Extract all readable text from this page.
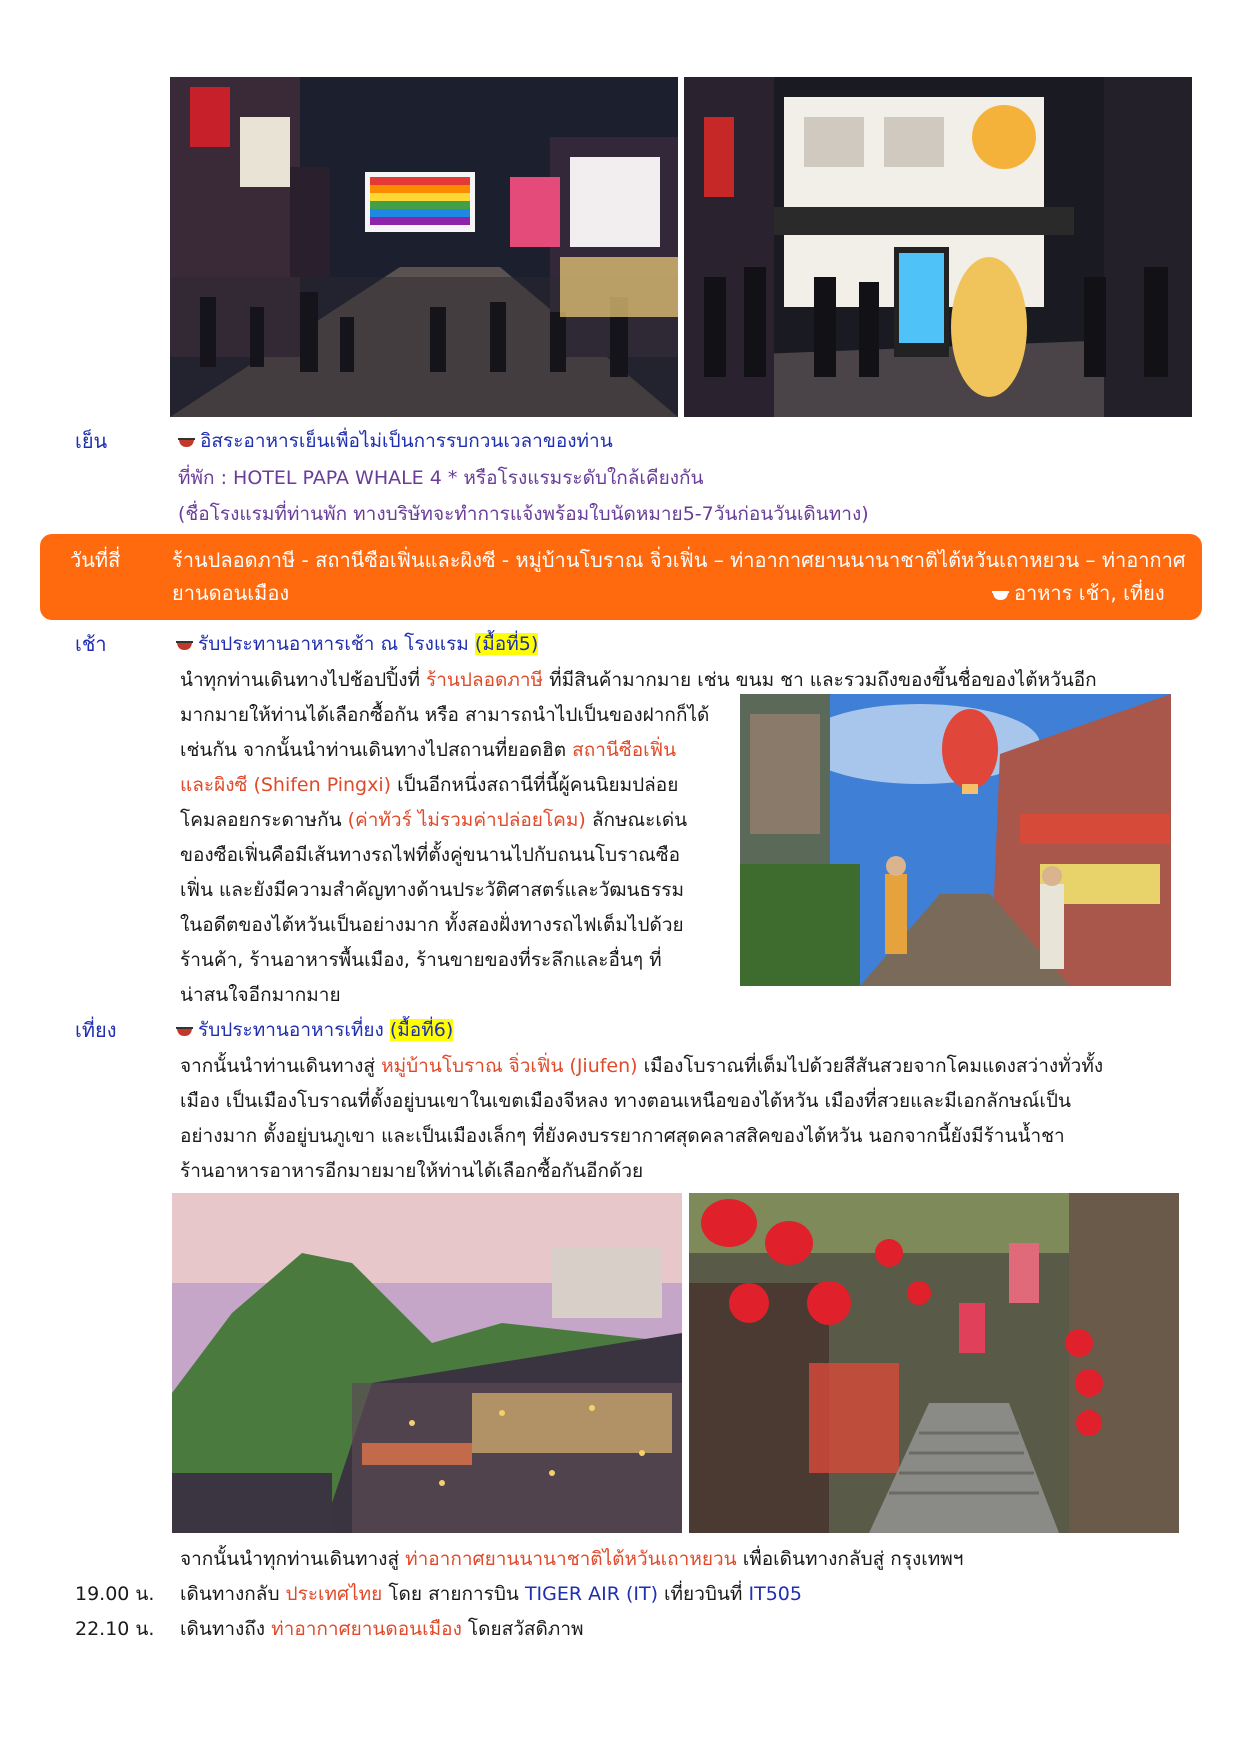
เย็น	อิสระอาหารเย็นเพื่อไม่เป็นการรบกวนเวลาของท่าน
ที่พัก : HOTEL PAPA WHALE 4 * หรือโรงแรมระดับใกล้เคียงกัน
(ชื่อโรงแรมที่ท่านพัก ทางบริษัทจะทำการแจ้งพร้อมใบนัดหมาย5-7วันก่อนวันเดินทาง)
วันที่สี่	ร้านปลอดภาษี - สถานีซือเฟิ่นและผิงซี - หมู่บ้านโบราณ จิ่วเฟิ่น – ท่าอากาศยานนานาชาติไต้หวันเถาหยวน – ท่าอากาศ
ยานดอนเมือง	อาหาร เช้า, เที่ยง
เช้า	รับประทานอาหารเช้า ณ โรงแรม (มื้อที่5)
นำทุกท่านเดินทางไปช้อปปิ้งที่ ร้านปลอดภาษี ที่มีสินค้ามากมาย เช่น ขนม ชา และรวมถึงของขึ้นชื่อของไต้หวันอีก
มากมายให้ท่านได้เลือกซื้อกัน หรือ สามารถนำไปเป็นของฝากก็ได้
เช่นกัน จากนั้นนำท่านเดินทางไปสถานที่ยอดฮิต สถานีซือเฟิ่น
และผิงซี (Shifen Pingxi) เป็นอีกหนึ่งสถานีที่นี้ผู้คนนิยมปล่อย
โคมลอยกระดาษกัน (ค่าทัวร์ ไม่รวมค่าปล่อยโคม) ลักษณะเด่น
ของซือเฟิ่นคือมีเส้นทางรถไฟที่ตั้งคู่ขนานไปกับถนนโบราณซือ
เฟิ่น และยังมีความสำคัญทางด้านประวัติศาสตร์และวัฒนธรรม
ในอดีตของไต้หวันเป็นอย่างมาก ทั้งสองฝั่งทางรถไฟเต็มไปด้วย
ร้านค้า, ร้านอาหารพื้นเมือง, ร้านขายของที่ระลึกและอื่นๆ ที่
น่าสนใจอีกมากมาย
เที่ยง	รับประทานอาหารเที่ยง (มื้อที่6)
จากนั้นนำท่านเดินทางสู่ หมู่บ้านโบราณ จิ่วเฟิ่น (Jiufen) เมืองโบราณที่เต็มไปด้วยสีสันสวยจากโคมแดงสว่างทั่วทั้ง
เมือง เป็นเมืองโบราณที่ตั้งอยู่บนเขาในเขตเมืองจีหลง ทางตอนเหนือของไต้หวัน เมืองที่สวยและมีเอกลักษณ์เป็น
อย่างมาก ตั้งอยู่บนภูเขา และเป็นเมืองเล็กๆ ที่ยังคงบรรยากาศสุดคลาสสิคของไต้หวัน นอกจากนี้ยังมีร้านน้ำชา
ร้านอาหารอาหารอีกมายมายให้ท่านได้เลือกซื้อกันอีกด้วย
จากนั้นนำทุกท่านเดินทางสู่ ท่าอากาศยานนานาชาติไต้หวันเถาหยวน เพื่อเดินทางกลับสู่ กรุงเทพฯ
19.00 น. เดินทางกลับ ประเทศไทย โดย สายการบิน TIGER AIR (IT) เที่ยวบินที่ IT505
22.10 น. เดินทางถึง ท่าอากาศยานดอนเมือง โดยสวัสดิภาพ
